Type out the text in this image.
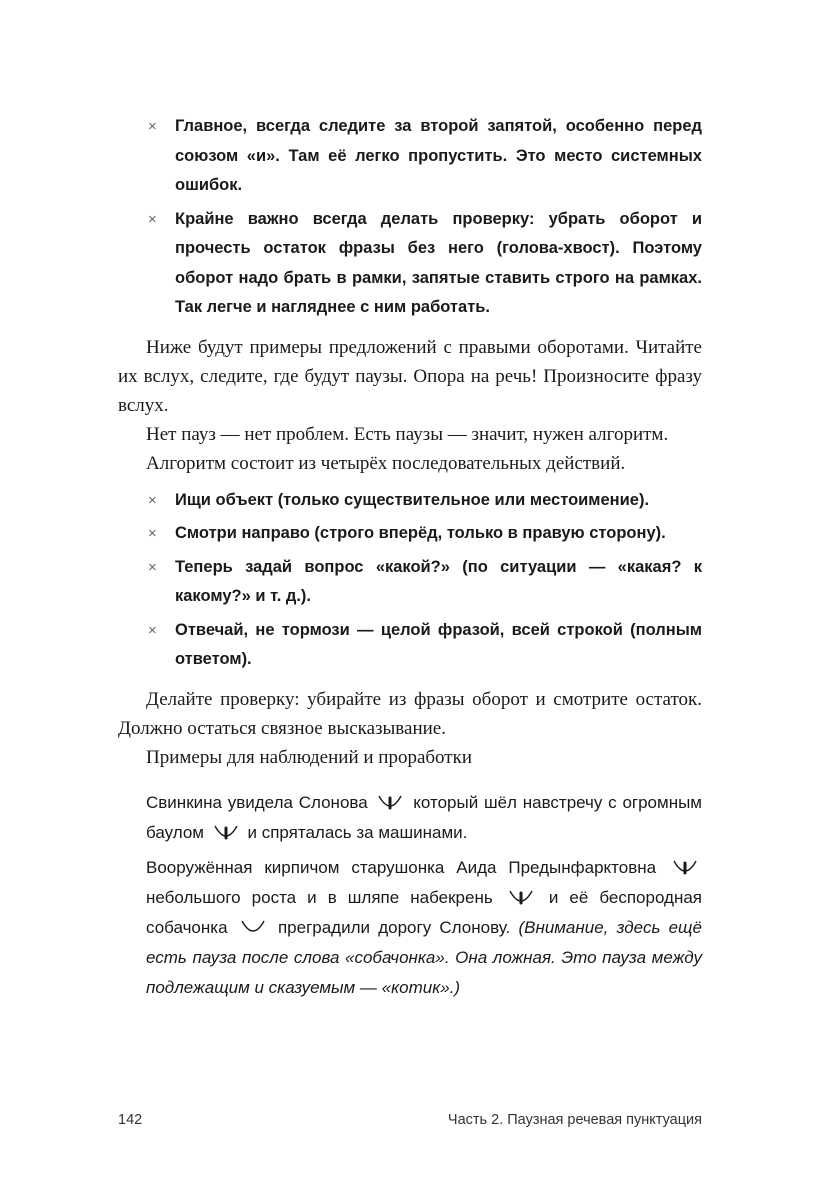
× Главное, всегда следите за второй запятой, особенно перед союзом «и». Там её легко пропустить. Это место системных ошибок.
× Крайне важно всегда делать проверку: убрать оборот и прочесть остаток фразы без него (голова-хвост). Поэтому оборот надо брать в рамки, запятые ставить строго на рамках. Так легче и нагляднее с ним работать.

Ниже будут примеры предложений с правыми оборотами. Читайте их вслух, следите, где будут паузы. Опора на речь! Произносите фразу вслух.

Нет пауз — нет проблем. Есть паузы — значит, нужен алгоритм.

Алгоритм состоит из четырёх последовательных действий.

× Ищи объект (только существительное или местоимение).
× Смотри направо (строго вперёд, только в правую сторону).
× Теперь задай вопрос «какой?» (по ситуации — «какая? к какому?» и т. д.).
× Отвечай, не тормози — целой фразой, всей строкой (полным ответом).

Делайте проверку: убирайте из фразы оборот и смотрите остаток. Должно остаться связное высказывание.

Примеры для наблюдений и проработки

Свинкина увидела Слонова	который шёл навстречу с огромным баулом	и спряталась за машинами.

Вооружённая кирпичом старушонка Аида Предынфарктовна  небольшого роста и в шляпе набекрень	и её беспородная собачонка	преградили дорогу Слонову. (Внимание, здесь ещё есть пауза после слова «собачонка». Она ложная. Это пауза между подлежащим и сказуемым — «котик».)

142	Часть 2. Паузная речевая пунктуация
